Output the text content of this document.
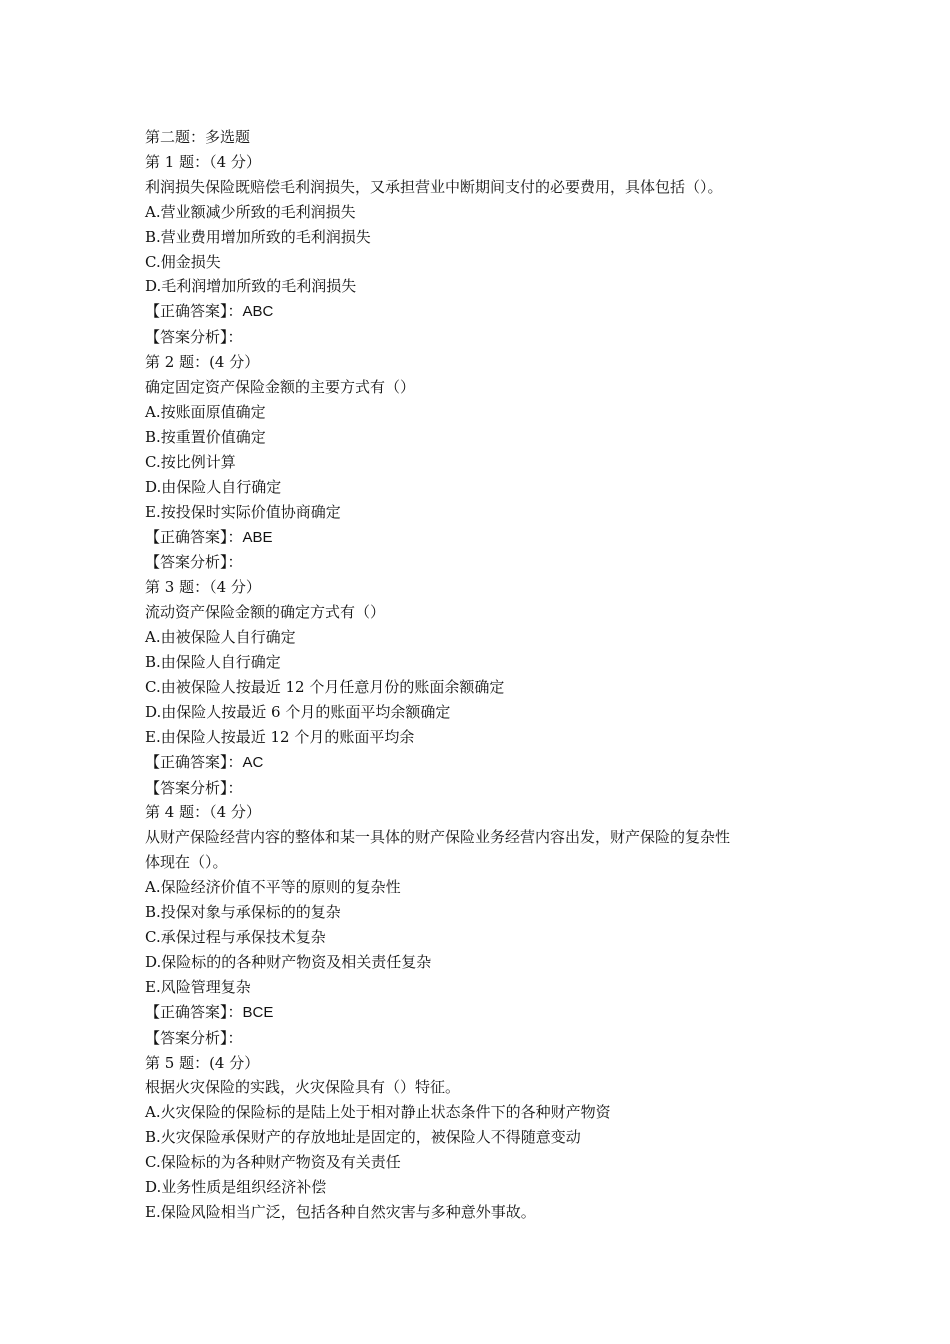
第二题：多选题
第 1 题：（4 分）
利润损失保险既赔偿毛利润损失，又承担营业中断期间支付的必要费用，具体包括（）。
A.营业额减少所致的毛利润损失
B.营业费用增加所致的毛利润损失
C.佣金损失
D.毛利润增加所致的毛利润损失
【正确答案】：ABC
【答案分析】：
第 2 题：(4 分）
确定固定资产保险金额的主要方式有（）
A.按账面原值确定
B.按重置价值确定
C.按比例计算
D.由保险人自行确定
E.按投保时实际价值协商确定
【正确答案】：ABE
【答案分析】：
第 3 题：（4 分）
流动资产保险金额的确定方式有（）
A.由被保险人自行确定
B.由保险人自行确定
C.由被保险人按最近 12 个月任意月份的账面余额确定
D.由保险人按最近 6 个月的账面平均余额确定
E.由保险人按最近 12 个月的账面平均余
【正确答案】：AC
【答案分析】：
第 4 题：（4 分）
从财产保险经营内容的整体和某一具体的财产保险业务经营内容出发，财产保险的复杂性
体现在（）。
A.保险经济价值不平等的原则的复杂性
B.投保对象与承保标的的复杂
C.承保过程与承保技术复杂
D.保险标的的各种财产物资及相关责任复杂
E.风险管理复杂
【正确答案】：BCE
【答案分析】：
第 5 题：(4 分）
根据火灾保险的实践，火灾保险具有（）特征。
A.火灾保险的保险标的是陆上处于相对静止状态条件下的各种财产物资
B.火灾保险承保财产的存放地址是固定的，被保险人不得随意变动
C.保险标的为各种财产物资及有关责任
D.业务性质是组织经济补偿
E.保险风险相当广泛，包括各种自然灾害与多种意外事故。
